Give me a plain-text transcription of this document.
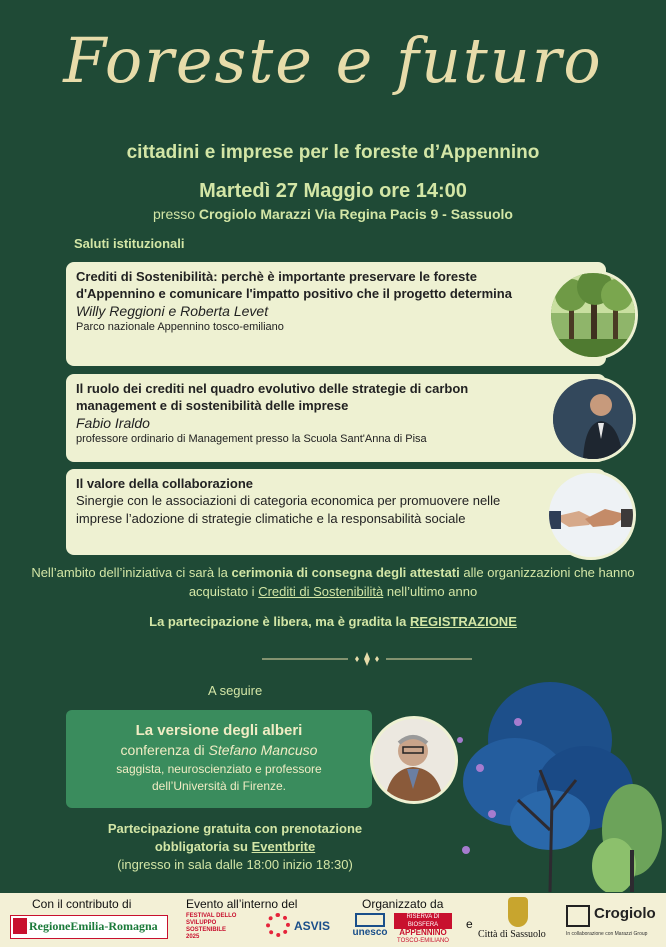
Foreste e futuro
cittadini e imprese per le foreste d’Appennino
Martedì 27 Maggio ore 14:00
presso Crogiolo Marazzi Via Regina Pacis 9 - Sassuolo
Saluti istituzionali
Crediti di Sostenibilità: perchè è importante preservare le foreste d'Appennino e comunicare l'impatto positivo che il progetto determina
Willy Reggioni e Roberta Levet
Parco nazionale Appennino tosco-emiliano
Il ruolo dei crediti nel quadro evolutivo delle strategie di carbon management e di sostenibilità delle imprese
Fabio Iraldo
professore ordinario di Management presso la Scuola Sant'Anna di Pisa
Il valore della collaborazione
Sinergie con le associazioni di categoria economica per promuovere nelle imprese l’adozione di strategie climatiche e la responsabilità sociale
Nell’ambito dell’iniziativa ci sarà la cerimonia di consegna degli attestati alle organizzazioni che hanno acquistato i Crediti di Sostenibilità nell’ultimo anno
La partecipazione è libera, ma è gradita la REGISTRAZIONE
A seguire
La versione degli alberi
conferenza di Stefano Mancuso
saggista, neuroscienziato e professore
dell’Università di Firenze.
Partecipazione gratuita con prenotazione
obbligatoria su Eventbrite
(ingresso in sala dalle 18:00 inizio 18:30)
Con il contributo di
RegioneEmilia-Romagna
Evento all’interno del
FESTIVAL DELLO SVILUPPO SOSTENIBILE 2025
ASVIS
Organizzato da
unesco
RISERVA DI BIOSFERA
APPENNINO
TOSCO-EMILIANO
e
Città di Sassuolo
Crogiolo
In collaborazione con Marazzi Group
